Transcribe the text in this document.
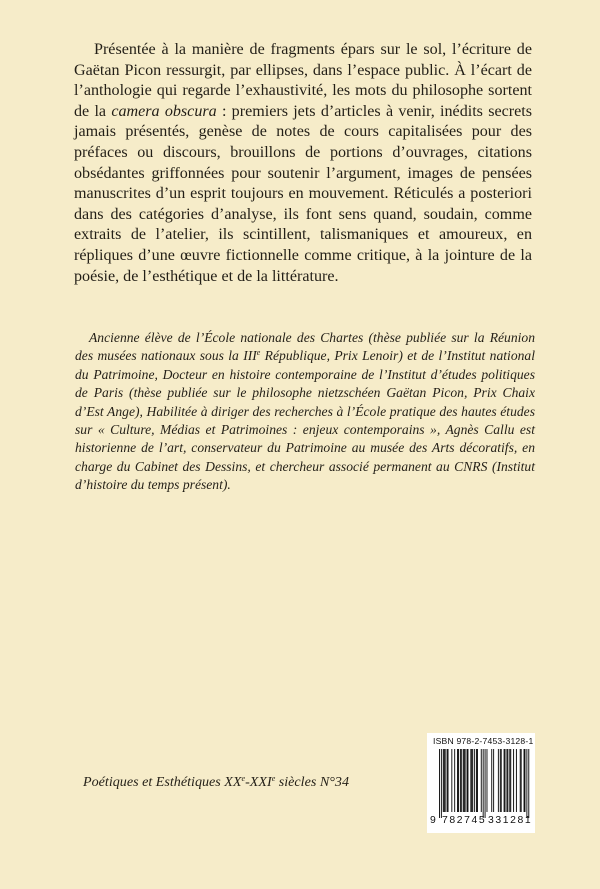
Présentée à la manière de fragments épars sur le sol, l’écriture de Gaëtan Picon ressurgit, par ellipses, dans l’espace public. À l’écart de l’anthologie qui regarde l’exhaustivité, les mots du philosophe sortent de la camera obscura : premiers jets d’articles à venir, inédits secrets jamais présentés, genèse de notes de cours capitalisées pour des préfaces ou discours, brouillons de portions d’ouvrages, citations obsédantes griffonnées pour soutenir l’argument, images de pensées manuscrites d’un esprit toujours en mouvement. Réticulés a posteriori dans des catégories d’analyse, ils font sens quand, soudain, comme extraits de l’atelier, ils scintillent, talismaniques et amoureux, en répliques d’une œuvre fictionnelle comme critique, à la jointure de la poésie, de l’esthétique et de la littérature.

Ancienne élève de l’École nationale des Chartes (thèse publiée sur la Réunion des musées nationaux sous la IIIe République, Prix Lenoir) et de l’Institut national du Patrimoine, Docteur en histoire contemporaine de l’Institut d’études politiques de Paris (thèse publiée sur le philosophe nietzschéen Gaëtan Picon, Prix Chaix d’Est Ange), Habilitée à diriger des recherches à l’École pratique des hautes études sur « Culture, Médias et Patrimoines : enjeux contemporains », Agnès Callu est historienne de l’art, conservateur du Patrimoine au musée des Arts décoratifs, en charge du Cabinet des Dessins, et chercheur associé permanent au CNRS (Institut d’histoire du temps présent).

Poétiques et Esthétiques XXe-XXIe siècles N°34
ISBN 978-2-7453-3128-1
9 782745 331281
